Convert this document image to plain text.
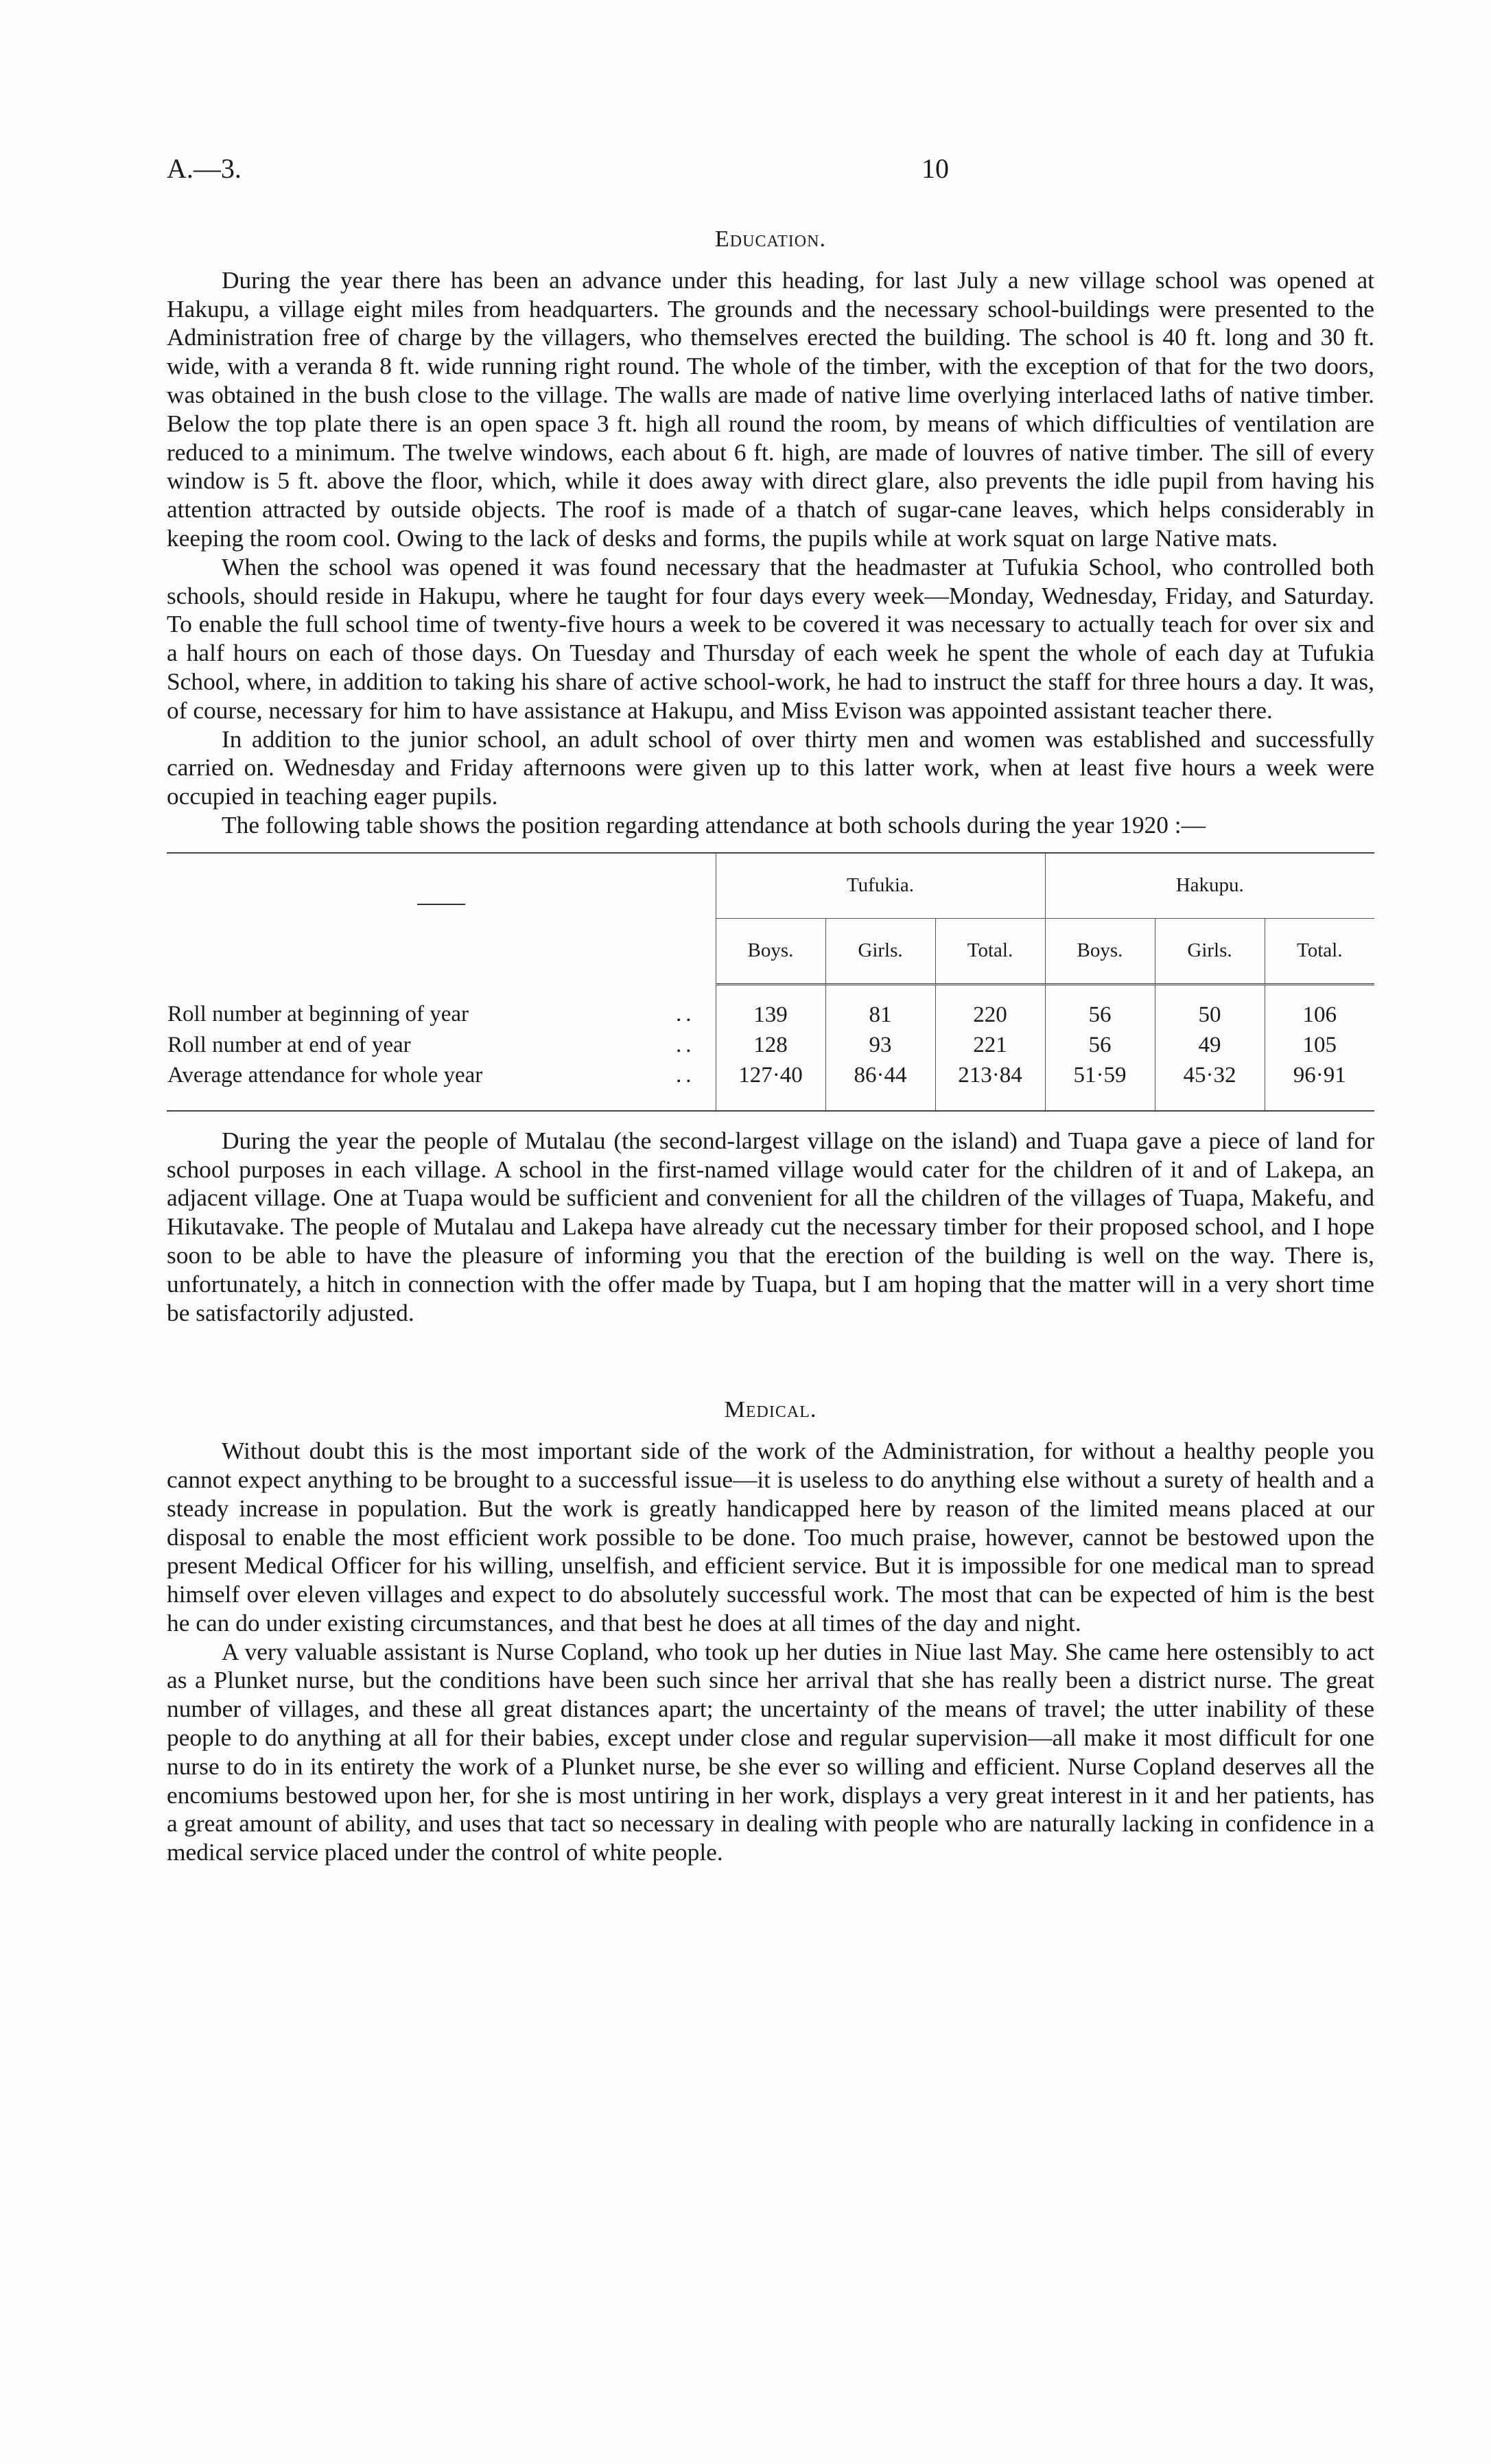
A.—3.	10
Education.

During the year there has been an advance under this heading, for last July a new village school was opened at Hakupu, a village eight miles from headquarters. The grounds and the necessary school-buildings were presented to the Administration free of charge by the villagers, who themselves erected the building. The school is 40 ft. long and 30 ft. wide, with a veranda 8 ft. wide running right round. The whole of the timber, with the exception of that for the two doors, was obtained in the bush close to the village. The walls are made of native lime overlying interlaced laths of native timber. Below the top plate there is an open space 3 ft. high all round the room, by means of which difficulties of ventilation are reduced to a minimum. The twelve windows, each about 6 ft. high, are made of louvres of native timber. The sill of every window is 5 ft. above the floor, which, while it does away with direct glare, also prevents the idle pupil from having his attention attracted by outside objects. The roof is made of a thatch of sugar-cane leaves, which helps considerably in keeping the room cool. Owing to the lack of desks and forms, the pupils while at work squat on large Native mats.

When the school was opened it was found necessary that the headmaster at Tufukia School, who controlled both schools, should reside in Hakupu, where he taught for four days every week—Monday, Wednesday, Friday, and Saturday. To enable the full school time of twenty-five hours a week to be covered it was necessary to actually teach for over six and a half hours on each of those days. On Tuesday and Thursday of each week he spent the whole of each day at Tufukia School, where, in addition to taking his share of active school-work, he had to instruct the staff for three hours a day. It was, of course, necessary for him to have assistance at Hakupu, and Miss Evison was appointed assistant teacher there.

In addition to the junior school, an adult school of over thirty men and women was established and successfully carried on. Wednesday and Friday afternoons were given up to this latter work, when at least five hours a week were occupied in teaching eager pupils.

The following table shows the position regarding attendance at both schools during the year 1920 :—

	Tufukia.			Hakupu.		
	Boys.	Girls.	Total.	Boys.	Girls.	Total.
Roll number at beginning of year ..	139	81	220	56	50	106
Roll number at end of year ..	128	93	221	56	49	105
Average attendance for whole year ..	127·40	86·44	213·84	51·59	45·32	96·91

During the year the people of Mutalau (the second-largest village on the island) and Tuapa gave a piece of land for school purposes in each village. A school in the first-named village would cater for the children of it and of Lakepa, an adjacent village. One at Tuapa would be sufficient and convenient for all the children of the villages of Tuapa, Makefu, and Hikutavake. The people of Mutalau and Lakepa have already cut the necessary timber for their proposed school, and I hope soon to be able to have the pleasure of informing you that the erection of the building is well on the way. There is, unfortunately, a hitch in connection with the offer made by Tuapa, but I am hoping that the matter will in a very short time be satisfactorily adjusted.

Medical.

Without doubt this is the most important side of the work of the Administration, for without a healthy people you cannot expect anything to be brought to a successful issue—it is useless to do anything else without a surety of health and a steady increase in population. But the work is greatly handicapped here by reason of the limited means placed at our disposal to enable the most efficient work possible to be done. Too much praise, however, cannot be bestowed upon the present Medical Officer for his willing, unselfish, and efficient service. But it is impossible for one medical man to spread himself over eleven villages and expect to do absolutely successful work. The most that can be expected of him is the best he can do under existing circumstances, and that best he does at all times of the day and night.

A very valuable assistant is Nurse Copland, who took up her duties in Niue last May. She came here ostensibly to act as a Plunket nurse, but the conditions have been such since her arrival that she has really been a district nurse. The great number of villages, and these all great distances apart; the uncertainty of the means of travel; the utter inability of these people to do anything at all for their babies, except under close and regular supervision—all make it most difficult for one nurse to do in its entirety the work of a Plunket nurse, be she ever so willing and efficient. Nurse Copland deserves all the encomiums bestowed upon her, for she is most untiring in her work, displays a very great interest in it and her patients, has a great amount of ability, and uses that tact so necessary in dealing with people who are naturally lacking in confidence in a medical service placed under the control of white people.
